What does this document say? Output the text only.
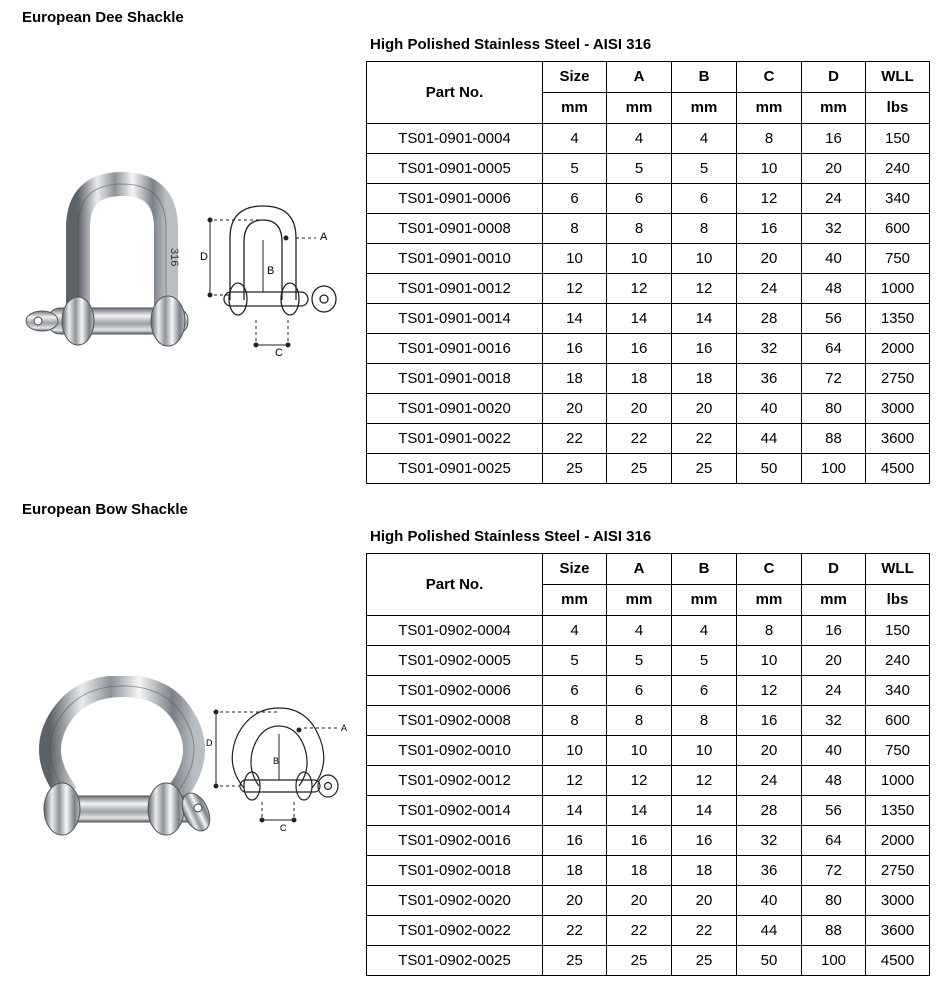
European Dee Shackle
316 D
A
B
C
High Polished Stainless Steel - AISI 316
Part No.	Size	A	B	C	D	WLL
	mm	mm	mm	mm	mm	lbs
TS01-0901-0004	4	4	4	8	16	150
TS01-0901-0005	5	5	5	10	20	240
TS01-0901-0006	6	6	6	12	24	340
TS01-0901-0008	8	8	8	16	32	600
TS01-0901-0010	10	10	10	20	40	750
TS01-0901-0012	12	12	12	24	48	1000
TS01-0901-0014	14	14	14	28	56	1350
TS01-0901-0016	16	16	16	32	64	2000
TS01-0901-0018	18	18	18	36	72	2750
TS01-0901-0020	20	20	20	40	80	3000
TS01-0901-0022	22	22	22	44	88	3600
TS01-0901-0025	25	25	25	50	100	4500
European Bow Shackle
D
A
B
C
High Polished Stainless Steel - AISI 316
Part No.	Size	A	B	C	D	WLL
	mm	mm	mm	mm	mm	lbs
TS01-0902-0004	4	4	4	8	16	150
TS01-0902-0005	5	5	5	10	20	240
TS01-0902-0006	6	6	6	12	24	340
TS01-0902-0008	8	8	8	16	32	600
TS01-0902-0010	10	10	10	20	40	750
TS01-0902-0012	12	12	12	24	48	1000
TS01-0902-0014	14	14	14	28	56	1350
TS01-0902-0016	16	16	16	32	64	2000
TS01-0902-0018	18	18	18	36	72	2750
TS01-0902-0020	20	20	20	40	80	3000
TS01-0902-0022	22	22	22	44	88	3600
TS01-0902-0025	25	25	25	50	100	4500
